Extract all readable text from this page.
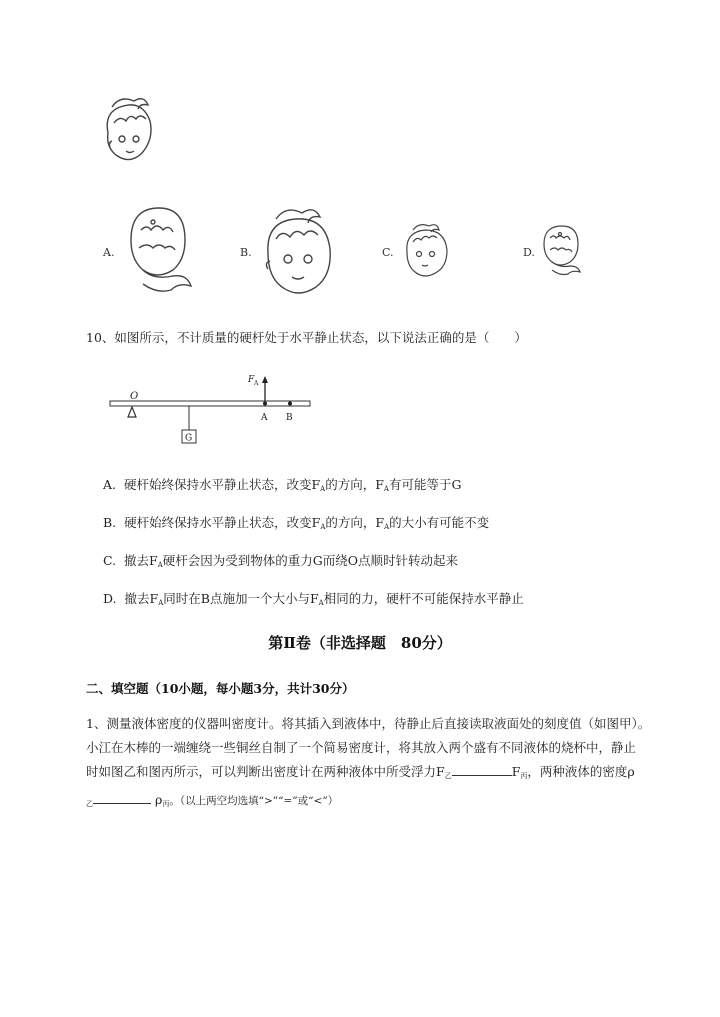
A.	B.	C.	D.
10、如图所示，不计质量的硬杆处于水平静止状态，以下说法正确的是（　　）
O
G
F A
A B
A. 硬杆始终保持水平静止状态，改变$F_A$的方向，$F_A$有可能等于G
B. 硬杆始终保持水平静止状态，改变$F_A$的方向，$F_A$的大小有可能不变
C. 撤去$F_A$硬杆会因为受到物体的重力G而绕O点顺时针转动起来
D. 撤去$F_A$同时在B点施加一个大小与$F_A$相同的力，硬杆不可能保持水平静止
第Ⅱ卷（非选择题　80分）
二、填空题（10小题，每小题3分，共计30分）
1、测量液体密度的仪器叫密度计。将其插入到液体中，待静止后直接读取液面处的刻度值（如图甲）。
小江在木棒的一端缠绕一些铜丝自制了一个简易密度计，将其放入两个盛有不同液体的烧杯中，静止
时如图乙和图丙所示，可以判断出密度计在两种液体中所受浮力$F_乙$	$F_丙$，两种液体的密度ρ
$_乙$	$\rho_丙$。（以上两空均选填“>”“=”或“<”）
